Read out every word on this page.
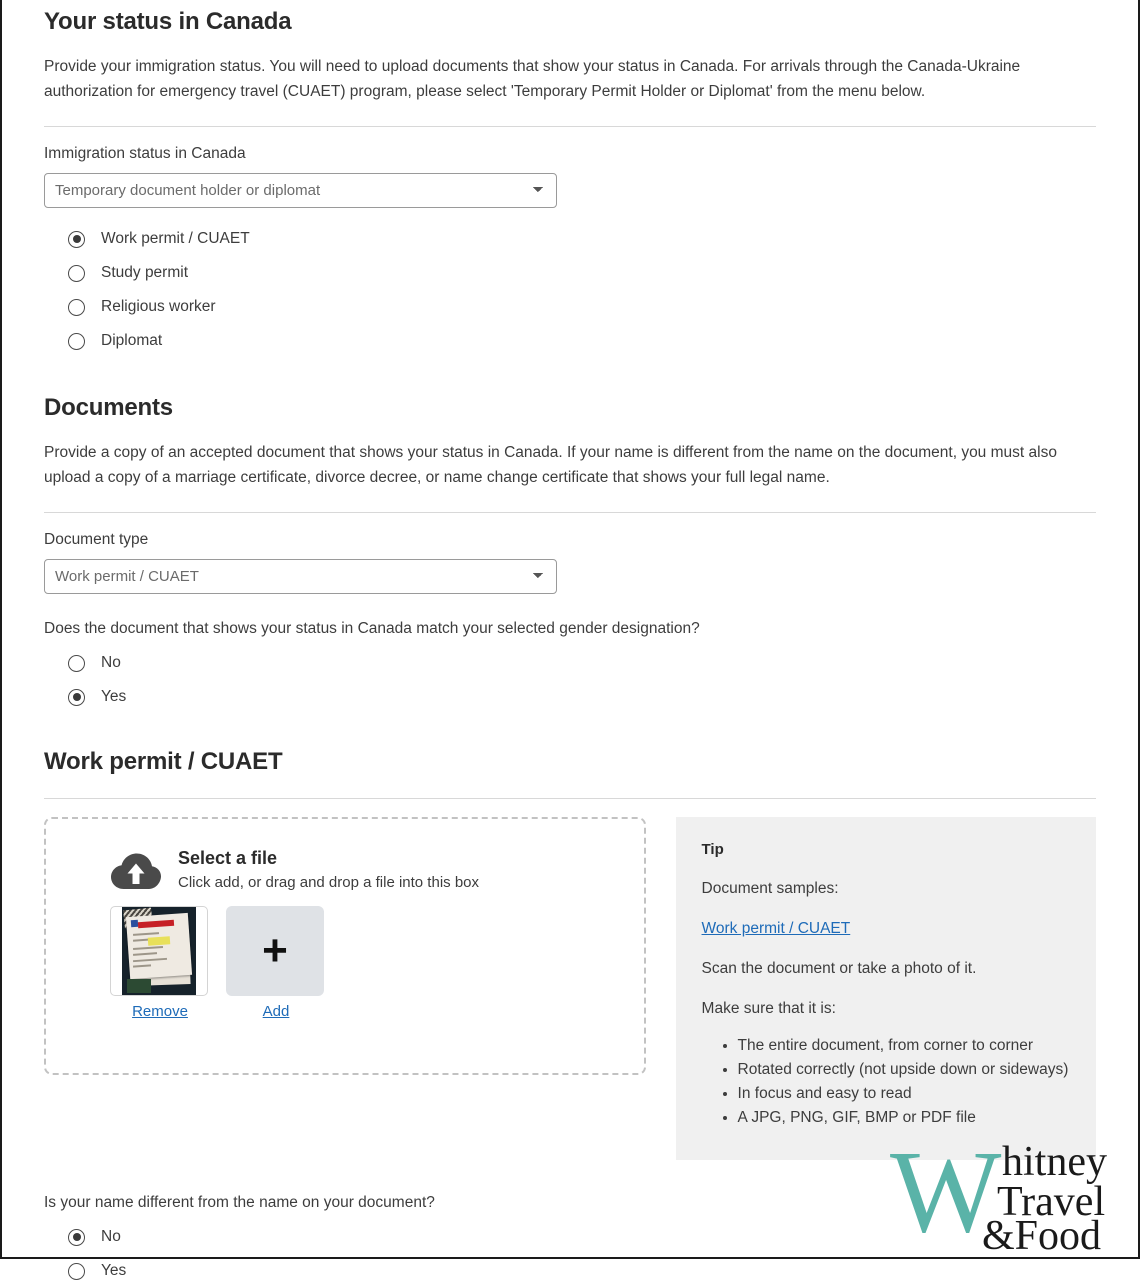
Your status in Canada

Provide your immigration status. You will need to upload documents that show your status in Canada. For arrivals through the Canada-Ukraine authorization for emergency travel (CUAET) program, please select 'Temporary Permit Holder or Diplomat' from the menu below.

Immigration status in Canada
Temporary document holder or diplomat
Work permit / CUAET
Study permit
Religious worker
Diplomat
Documents

Provide a copy of an accepted document that shows your status in Canada. If your name is different from the name on the document, you must also upload a copy of a marriage certificate, divorce decree, or name change certificate that shows your full legal name.

Document type
Work permit / CUAET
Does the document that shows your status in Canada match your selected gender designation?
No
Yes
Work permit / CUAET
Select a file
Click add, or drag and drop a file into this box
Remove
+
Add
Tip
Document samples:
Work permit / CUAET
Scan the document or take a photo of it.
Make sure that it is:
• The entire document, from corner to corner
• Rotated correctly (not upside down or sideways)
• In focus and easy to read
• A JPG, PNG, GIF, BMP or PDF file
Is your name different from the name on your document?
No
Yes
W hitney
Travel
&Food
